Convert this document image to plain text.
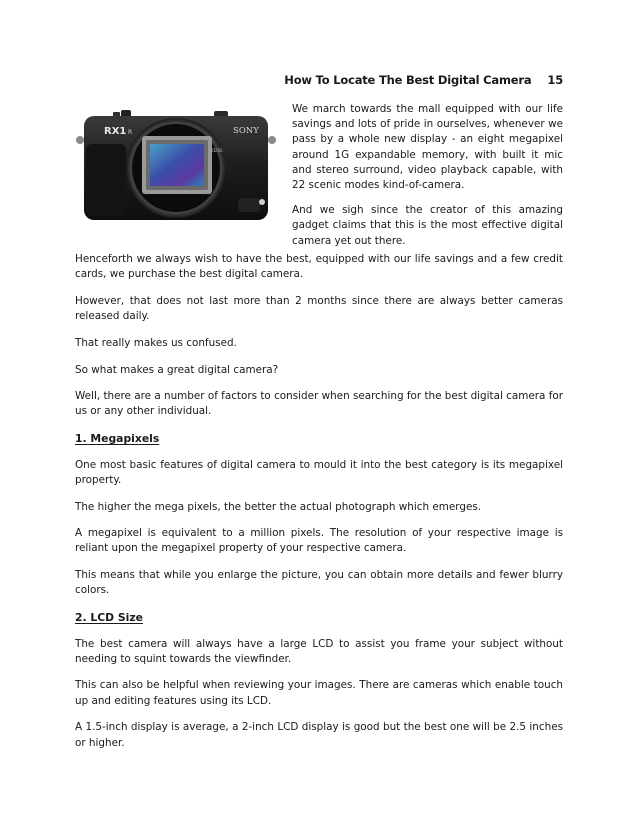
How To Locate The Best Digital Camera 15
RX1 R	SONY
ZEISS

We march towards the mall equipped with our life savings and lots of pride in ourselves, whenever we pass by a whole new display - an eight megapixel around 1G expandable memory, with built it mic and stereo surround, video playback capable, with 22 scenic modes kind-of-camera.

And we sigh since the creator of this amazing gadget claims that this is the most effective digital camera yet out there.

Henceforth we always wish to have the best, equipped with our life savings and a few credit cards, we purchase the best digital camera.

However, that does not last more than 2 months since there are always better cameras released daily.

That really makes us confused.

So what makes a great digital camera?

Well, there are a number of factors to consider when searching for the best digital camera for us or any other individual.

1. Megapixels

One most basic features of digital camera to mould it into the best category is its megapixel property.

The higher the mega pixels, the better the actual photograph which emerges.

A megapixel is equivalent to a million pixels. The resolution of your respective image is reliant upon the megapixel property of your respective camera.

This means that while you enlarge the picture, you can obtain more details and fewer blurry colors.

2. LCD Size

The best camera will always have a large LCD to assist you frame your subject without needing to squint towards the viewfinder.

This can also be helpful when reviewing your images. There are cameras which enable touch up and editing features using its LCD.

A 1.5-inch display is average, a 2-inch LCD display is good but the best one will be 2.5 inches or higher.
